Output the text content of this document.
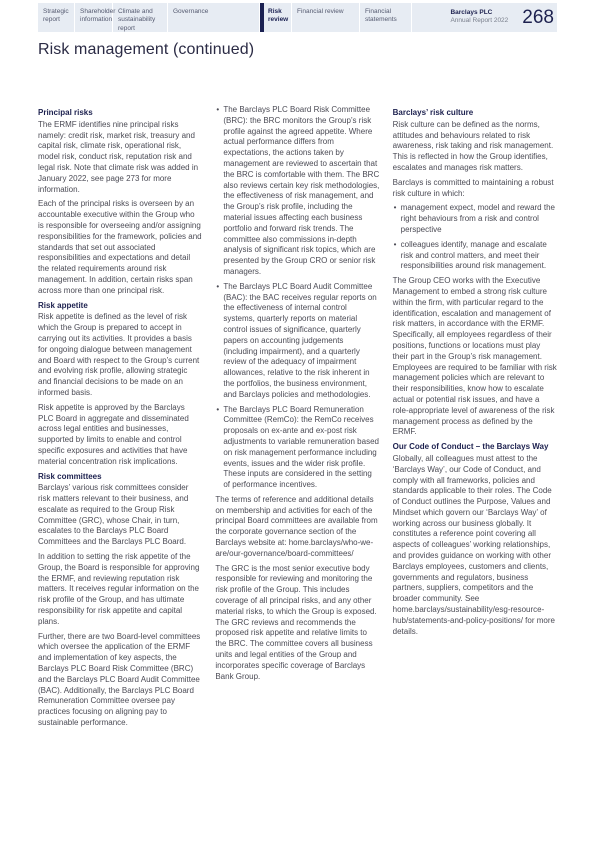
Strategic report
Shareholder information
Climate and sustainability report
Governance	Risk review
Financial review	Financial statements
Barclays PLC
Annual Report 2022 268
Risk management (continued)
Principal risks

The ERMF identifies nine principal risks namely: credit risk, market risk, treasury and capital risk, climate risk, operational risk, model risk, conduct risk, reputation risk and legal risk. Note that climate risk was added in January 2022, see page 273 for more information.

Each of the principal risks is overseen by an accountable executive within the Group who is responsible for overseeing and/or assigning responsibilities for the framework, policies and standards that set out associated responsibilities and expectations and detail the related requirements around risk management. In addition, certain risks span across more than one principal risk.

Risk appetite

Risk appetite is defined as the level of risk which the Group is prepared to accept in carrying out its activities. It provides a basis for ongoing dialogue between management and Board with respect to the Group’s current and evolving risk profile, allowing strategic and financial decisions to be made on an informed basis.

Risk appetite is approved by the Barclays PLC Board in aggregate and disseminated across legal entities and businesses, supported by limits to enable and control specific exposures and activities that have material concentration risk implications.

Risk committees

Barclays’ various risk committees consider risk matters relevant to their business, and escalate as required to the Group Risk Committee (GRC), whose Chair, in turn, escalates to the Barclays PLC Board Committees and the Barclays PLC Board.

In addition to setting the risk appetite of the Group, the Board is responsible for approving the ERMF, and reviewing reputation risk matters. It receives regular information on the risk profile of the Group, and has ultimate responsibility for risk appetite and capital plans.

Further, there are two Board-level committees which oversee the application of the ERMF and implementation of key aspects, the Barclays PLC Board Risk Committee (BRC) and the Barclays PLC Board Audit Committee (BAC). Additionally, the Barclays PLC Board Remuneration Committee oversee pay practices focusing on aligning pay to sustainable performance.

• The Barclays PLC Board Risk Committee (BRC): the BRC monitors the Group’s risk profile against the agreed appetite. Where actual performance differs from expectations, the actions taken by management are reviewed to ascertain that the BRC is comfortable with them. The BRC also reviews certain key risk methodologies, the effectiveness of risk management, and the Group’s risk profile, including the material issues affecting each business portfolio and forward risk trends. The committee also commissions in-depth analysis of significant risk topics, which are presented by the Group CRO or senior risk managers.

• The Barclays PLC Board Audit Committee (BAC): the BAC receives regular reports on the effectiveness of internal control systems, quarterly reports on material control issues of significance, quarterly papers on accounting judgements (including impairment), and a quarterly review of the adequacy of impairment allowances, relative to the risk inherent in the portfolios, the business environment, and Barclays policies and methodologies.

• The Barclays PLC Board Remuneration Committee (RemCo): the RemCo receives proposals on ex-ante and ex-post risk adjustments to variable remuneration based on risk management performance including events, issues and the wider risk profile. These inputs are considered in the setting of performance incentives.

The terms of reference and additional details on membership and activities for each of the principal Board committees are available from the corporate governance section of the Barclays website at: home.barclays/who-we-are/our-governance/board-committees/

The GRC is the most senior executive body responsible for reviewing and monitoring the risk profile of the Group. This includes coverage of all principal risks, and any other material risks, to which the Group is exposed. The GRC reviews and recommends the proposed risk appetite and relative limits to the BRC. The committee covers all business units and legal entities of the Group and incorporates specific coverage of Barclays Bank Group.

Barclays’ risk culture

Risk culture can be defined as the norms, attitudes and behaviours related to risk awareness, risk taking and risk management. This is reflected in how the Group identifies, escalates and manages risk matters.

Barclays is committed to maintaining a robust risk culture in which:

• management expect, model and reward the right behaviours from a risk and control perspective

• colleagues identify, manage and escalate risk and control matters, and meet their responsibilities around risk management.

The Group CEO works with the Executive Management to embed a strong risk culture within the firm, with particular regard to the identification, escalation and management of risk matters, in accordance with the ERMF. Specifically, all employees regardless of their positions, functions or locations must play their part in the Group’s risk management. Employees are required to be familiar with risk management policies which are relevant to their responsibilities, know how to escalate actual or potential risk issues, and have a role-appropriate level of awareness of the risk management process as defined by the ERMF.

Our Code of Conduct – the Barclays Way

Globally, all colleagues must attest to the ‘Barclays Way’, our Code of Conduct, and comply with all frameworks, policies and standards applicable to their roles. The Code of Conduct outlines the Purpose, Values and Mindset which govern our ‘Barclays Way’ of working across our business globally. It constitutes a reference point covering all aspects of colleagues’ working relationships, and provides guidance on working with other Barclays employees, customers and clients, governments and regulators, business partners, suppliers, competitors and the broader community. See home.barclays/sustainability/esg-resource-hub/statements-and-policy-positions/ for more details.
